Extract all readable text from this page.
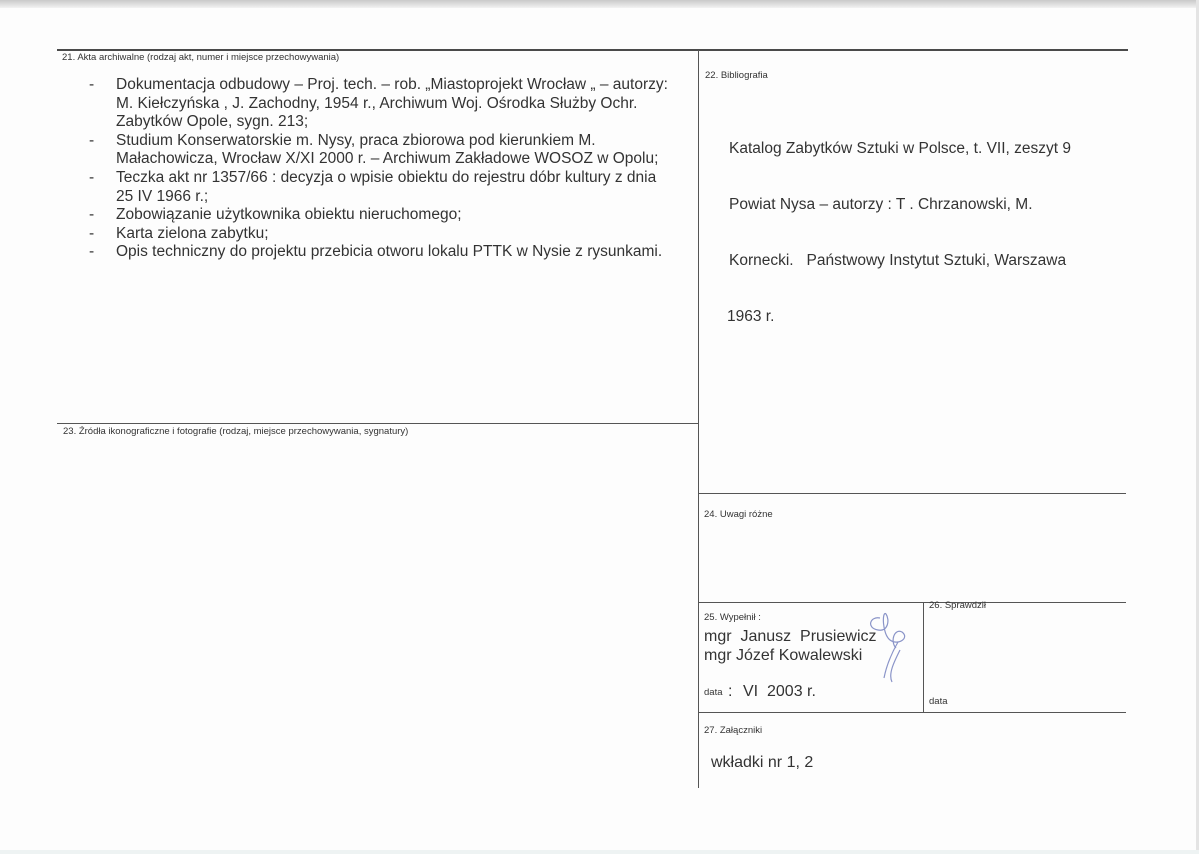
21. Akta archiwalne (rodzaj akt, numer i miejsce przechowywania)
- Dokumentacja odbudowy – Proj. tech. – rob. „Miastoprojekt Wrocław „ – autorzy: M. Kiełczyńska , J. Zachodny, 1954 r., Archiwum Woj. Ośrodka Służby Ochr. Zabytków Opole, sygn. 213;
- Studium Konserwatorskie m. Nysy, praca zbiorowa pod kierunkiem M. Małachowicza, Wrocław X/XI 2000 r. – Archiwum Zakładowe WOSOZ w Opolu;
- Teczka akt nr 1357/66 : decyzja o wpisie obiektu do rejestru dóbr kultury z dnia 25 IV 1966 r.;
- Zobowiązanie użytkownika obiektu nieruchomego;
- Karta zielona zabytku;
- Opis techniczny do projektu przebicia otworu lokalu PTTK w Nysie z rysunkami.
22. Bibliografia

Katalog Zabytków Sztuki w Polsce, t. VII, zeszyt 9

Powiat Nysa – autorzy : T . Chrzanowski, M.

Kornecki.   Państwowy Instytut Sztuki, Warszawa

1963 r.

23. Źródła ikonograficzne i fotografie (rodzaj, miejsce przechowywania, sygnatury)
24. Uwagi różne
25. Wypełnił :
mgr  Janusz  Prusiewicz
mgr Józef Kowalewski
data : VI  2003 r.
26. Sprawdził
data
27. Załączniki
wkładki nr 1, 2
